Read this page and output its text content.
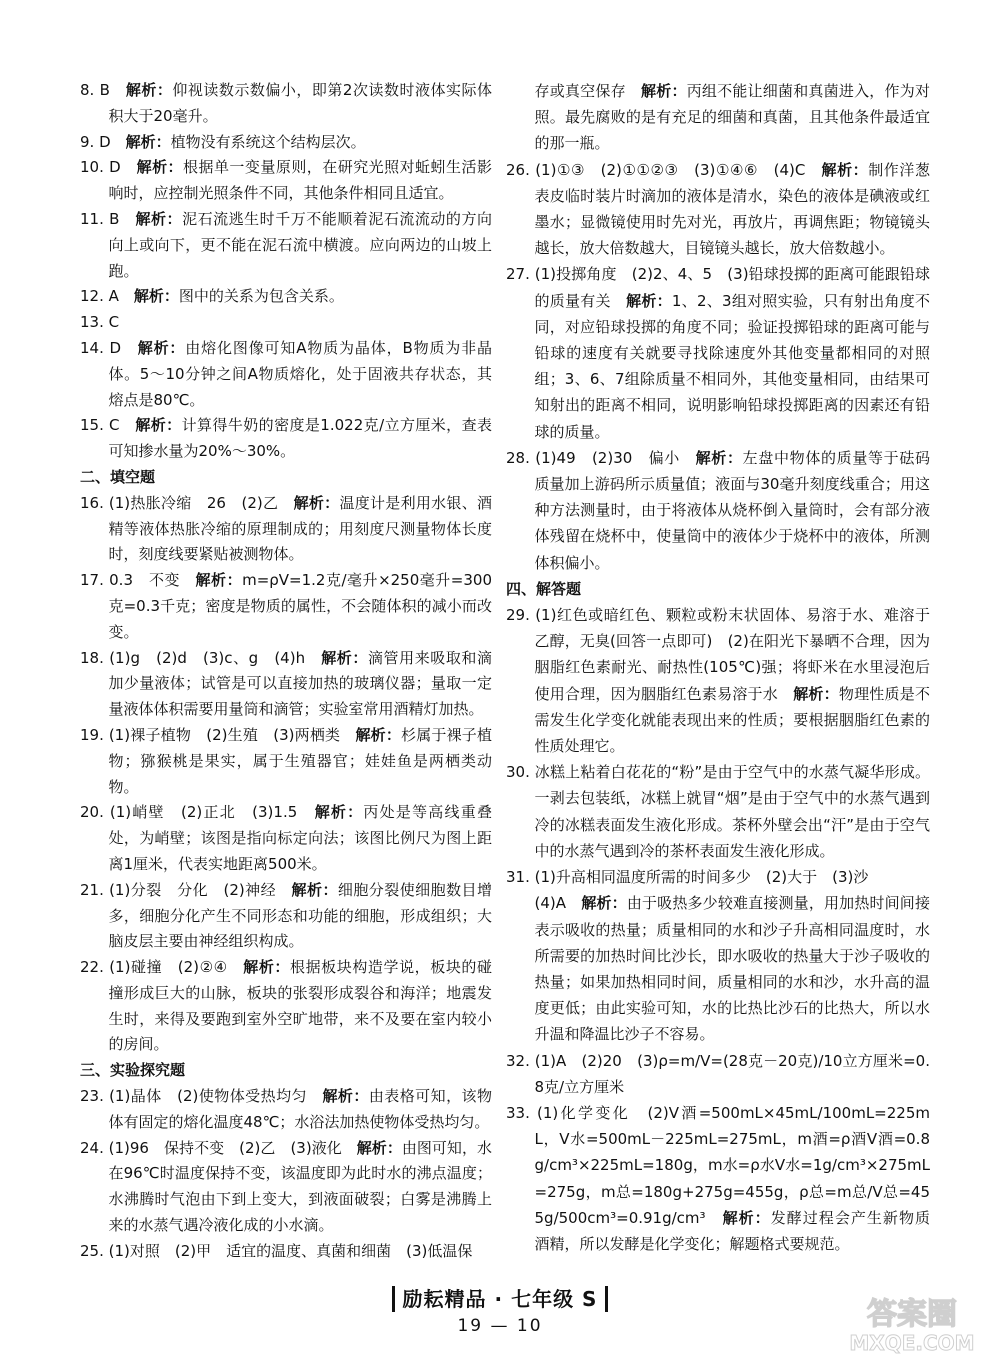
8. B　解析：仰视读数示数偏小，即第2次读数时液体实际体积大于20毫升。

9. D　解析：植物没有系统这个结构层次。

10. D　解析：根据单一变量原则，在研究光照对蚯蚓生活影响时，应控制光照条件不同，其他条件相同且适宜。

11. B　解析：泥石流逃生时千万不能顺着泥石流流动的方向向上或向下，更不能在泥石流中横渡。应向两边的山坡上跑。

12. A　解析：图中的关系为包含关系。

13. C

14. D　解析：由熔化图像可知A物质为晶体，B物质为非晶体。5～10分钟之间A物质熔化，处于固液共存状态，其熔点是80℃。

15. C　解析：计算得牛奶的密度是1.022克/立方厘米，查表可知掺水量为20%～30%。

二、填空题

16. (1)热胀冷缩　26　(2)乙　解析：温度计是利用水银、酒精等液体热胀冷缩的原理制成的；用刻度尺测量物体长度时，刻度线要紧贴被测物体。

17. 0.3　不变　解析：m=ρV=1.2克/毫升×250毫升=300克=0.3千克；密度是物质的属性，不会随体积的减小而改变。

18. (1)g　(2)d　(3)c、g　(4)h　解析：滴管用来吸取和滴加少量液体；试管是可以直接加热的玻璃仪器；量取一定量液体体积需要用量筒和滴管；实验室常用酒精灯加热。

19. (1)裸子植物　(2)生殖　(3)两栖类　解析：杉属于裸子植物；猕猴桃是果实，属于生殖器官；娃娃鱼是两栖类动物。

20. (1)峭壁　(2)正北　(3)1.5　解析：丙处是等高线重叠处，为峭壁；该图是指向标定向法；该图比例尺为图上距离1厘米，代表实地距离500米。

21. (1)分裂　分化　(2)神经　解析：细胞分裂使细胞数目增多，细胞分化产生不同形态和功能的细胞，形成组织；大脑皮层主要由神经组织构成。

22. (1)碰撞　(2)②④　解析：根据板块构造学说，板块的碰撞形成巨大的山脉，板块的张裂形成裂谷和海洋；地震发生时，来得及要跑到室外空旷地带，来不及要在室内较小的房间。

三、实验探究题

23. (1)晶体　(2)使物体受热均匀　解析：由表格可知，该物体有固定的熔化温度48℃；水浴法加热使物体受热均匀。

24. (1)96　保持不变　(2)乙　(3)液化　解析：由图可知，水在96℃时温度保持不变，该温度即为此时水的沸点温度；水沸腾时气泡由下到上变大，到液面破裂；白雾是沸腾上来的水蒸气遇冷液化成的小水滴。

25. (1)对照　(2)甲　适宜的温度、真菌和细菌　(3)低温保

存或真空保存　解析：丙组不能让细菌和真菌进入，作为对照。最先腐败的是有充足的细菌和真菌，且其他条件最适宜的那一瓶。

26. (1)①③　(2)①①②③　(3)①④⑥　(4)C　解析：制作洋葱表皮临时装片时滴加的液体是清水，染色的液体是碘液或红墨水；显微镜使用时先对光，再放片，再调焦距；物镜镜头越长，放大倍数越大，目镜镜头越长，放大倍数越小。

27. (1)投掷角度　(2)2、4、5　(3)铅球投掷的距离可能跟铅球的质量有关　解析：1、2、3组对照实验，只有射出角度不同，对应铅球投掷的角度不同；验证投掷铅球的距离可能与铅球的速度有关就要寻找除速度外其他变量都相同的对照组；3、6、7组除质量不相同外，其他变量相同，由结果可知射出的距离不相同，说明影响铅球投掷距离的因素还有铅球的质量。

28. (1)49　(2)30　偏小　解析：左盘中物体的质量等于砝码质量加上游码所示质量值；液面与30毫升刻度线重合；用这种方法测量时，由于将液体从烧杯倒入量筒时，会有部分液体残留在烧杯中，使量筒中的液体少于烧杯中的液体，所测体积偏小。

四、解答题

29. (1)红色或暗红色、颗粒或粉末状固体、易溶于水、难溶于乙醇，无臭(回答一点即可)　(2)在阳光下暴晒不合理，因为胭脂红色素耐光、耐热性(105℃)强；将虾米在水里浸泡后使用合理，因为胭脂红色素易溶于水　解析：物理性质是不需发生化学变化就能表现出来的性质；要根据胭脂红色素的性质处理它。

30. 冰糕上粘着白花花的“粉”是由于空气中的水蒸气凝华形成。一剥去包装纸，冰糕上就冒“烟”是由于空气中的水蒸气遇到冷的冰糕表面发生液化形成。茶杯外壁会出“汗”是由于空气中的水蒸气遇到冷的茶杯表面发生液化形成。

31. (1)升高相同温度所需的时间多少　(2)大于　(3)沙

(4)A　解析：由于吸热多少较难直接测量，用加热时间间接表示吸收的热量；质量相同的水和沙子升高相同温度时，水所需要的加热时间比沙长，即水吸收的热量大于沙子吸收的热量；如果加热相同时间，质量相同的水和沙，水升高的温度更低；由此实验可知，水的比热比沙石的比热大，所以水升温和降温比沙子不容易。

32. (1)A　(2)20　(3)ρ=m/V=(28克－20克)/10立方厘米=0.8克/立方厘米

33. (1)化学变化　(2)V酒=500mL×45mL/100mL=225mL，V水=500mL－225mL=275mL，m酒=ρ酒V酒=0.8g/cm³×225mL=180g，m水=ρ水V水=1g/cm³×275mL=275g，m总=180g+275g=455g，ρ总=m总/V总=455g/500cm³=0.91g/cm³　解析：发酵过程会产生新物质酒精，所以发酵是化学变化；解题格式要规范。

励耘精品 · 七年级 S
19 — 10	答案圈
MXQE.COM
